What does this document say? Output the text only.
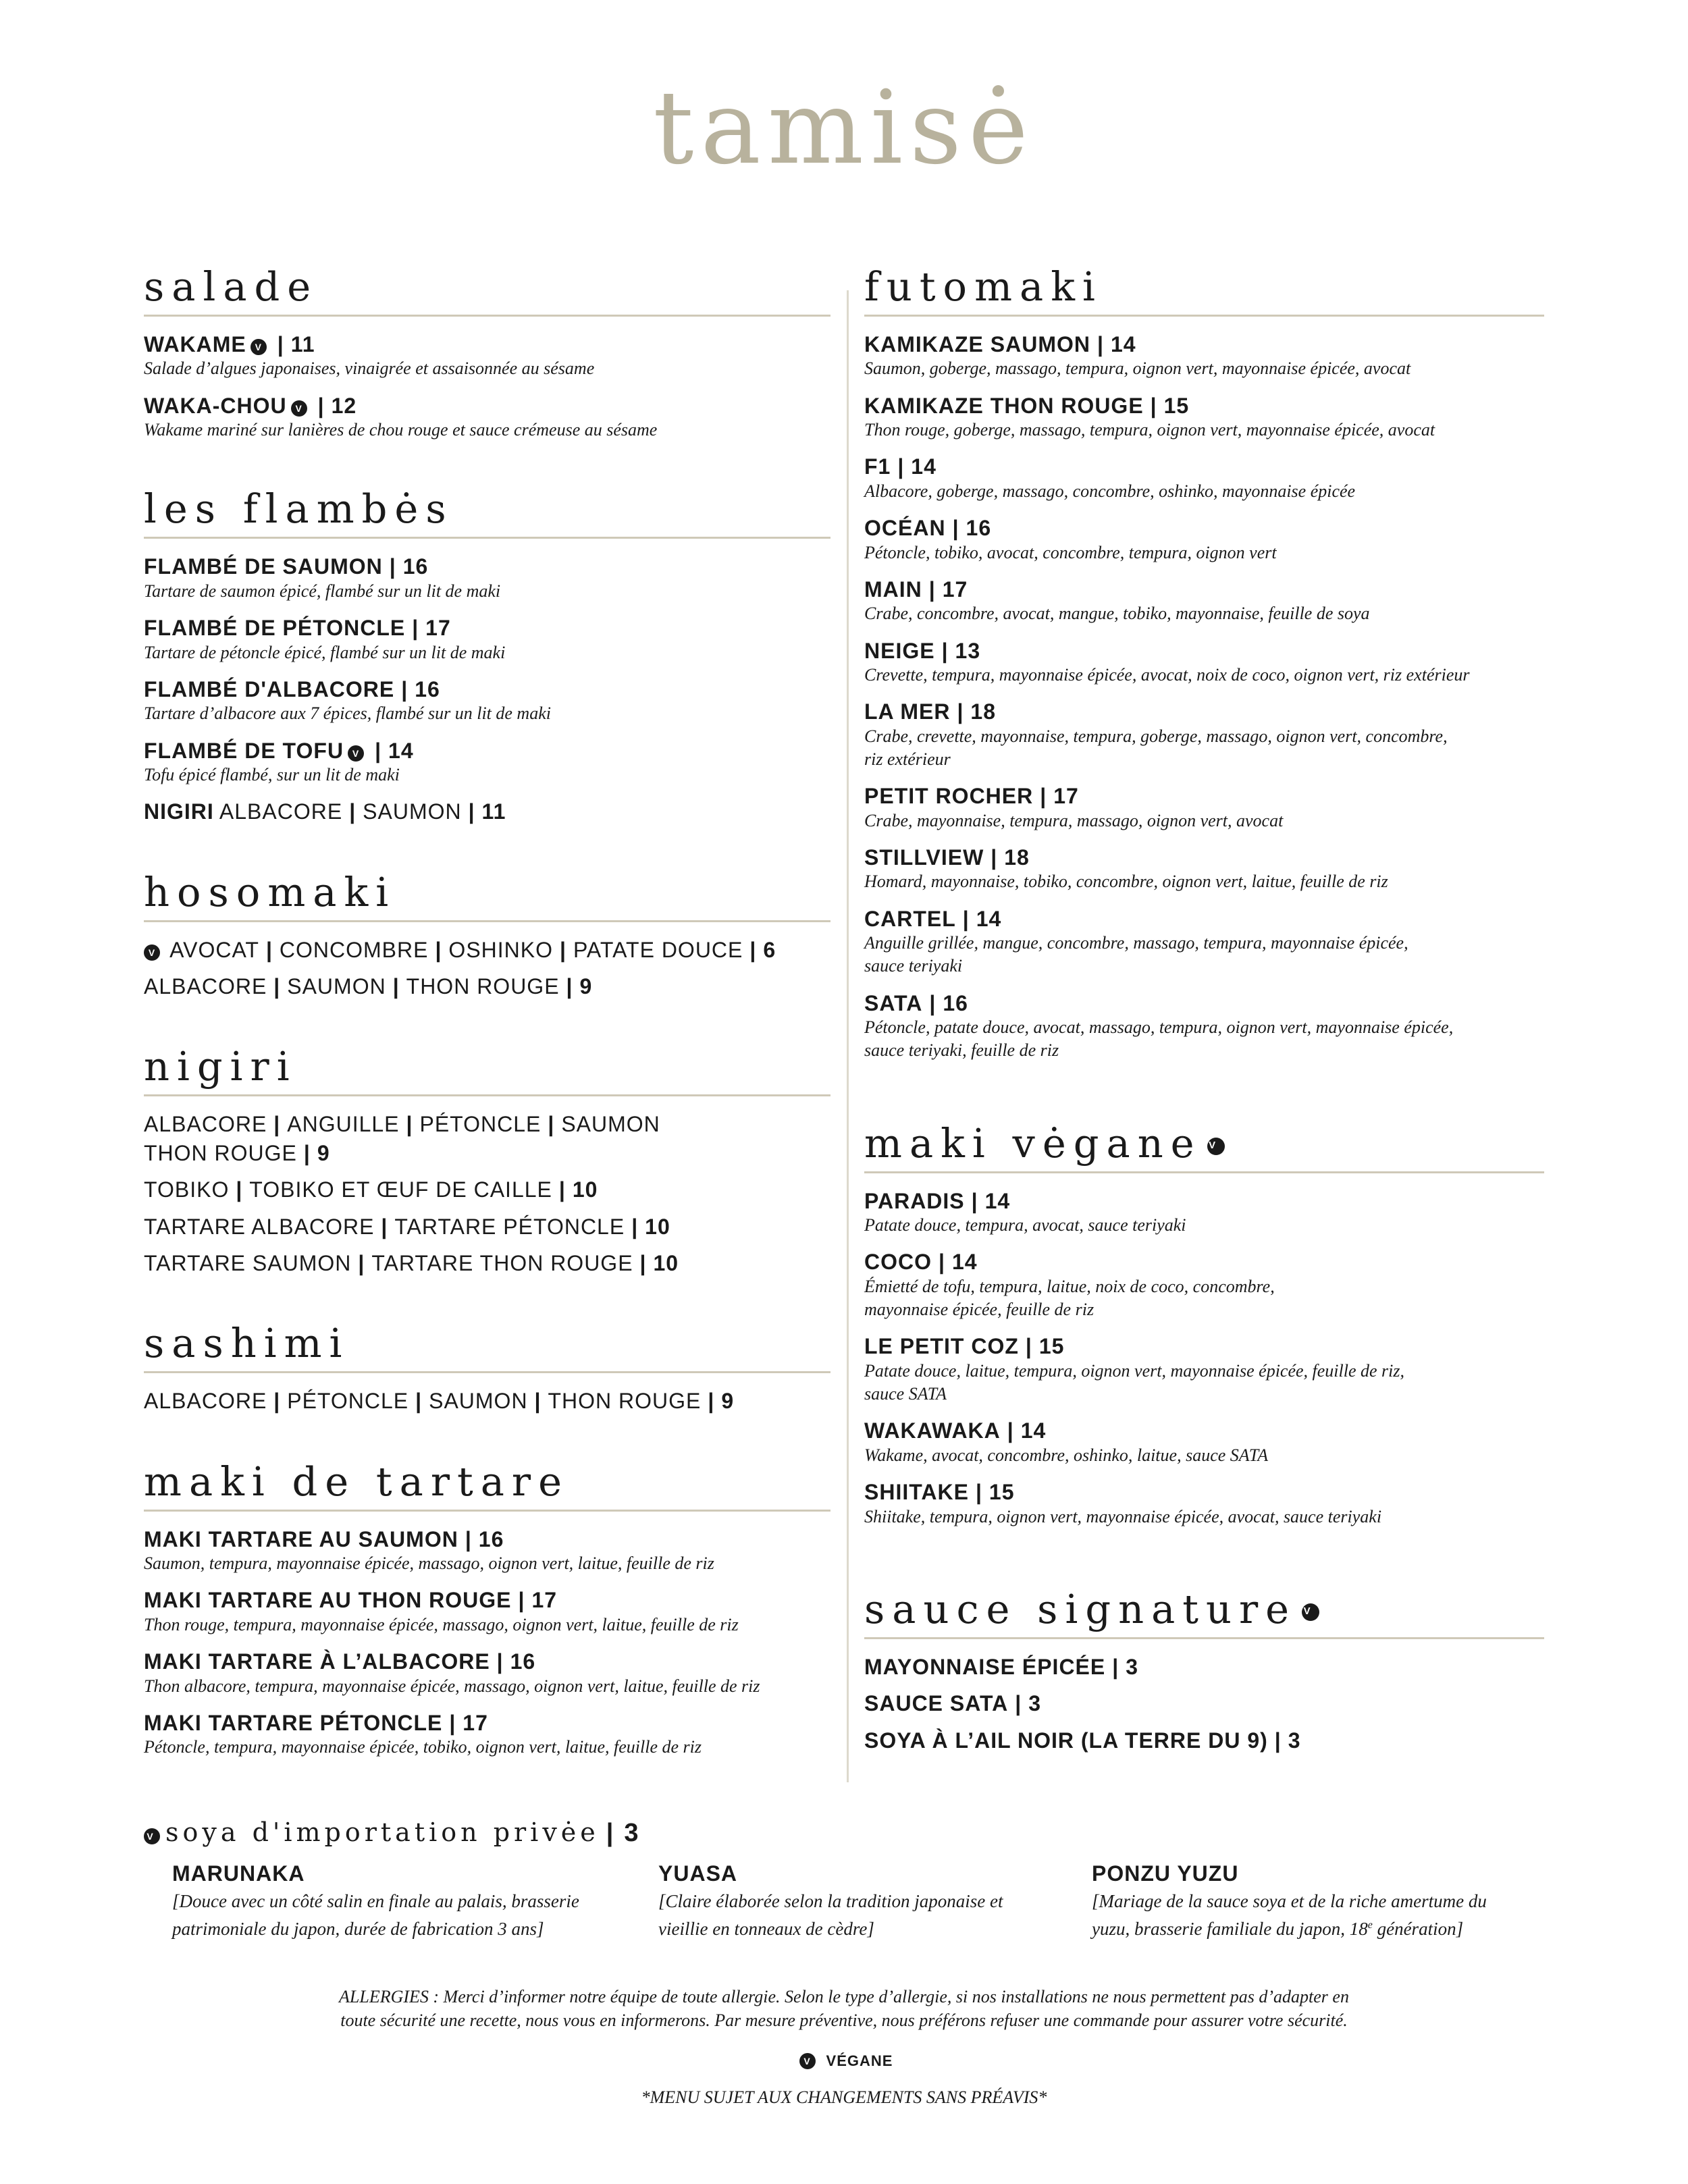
tamisė
salade
WAKAME V | 11
Salade d’algues japonaises, vinaigrée et assaisonnée au sésame
WAKA-CHOU V | 12
Wakame mariné sur lanières de chou rouge et sauce crémeuse au sésame
les flambės
FLAMBÉ DE SAUMON | 16
Tartare de saumon épicé, flambé sur un lit de maki
FLAMBÉ DE PÉTONCLE | 17
Tartare de pétoncle épicé, flambé sur un lit de maki
FLAMBÉ D'ALBACORE | 16
Tartare d’albacore aux 7 épices, flambé sur un lit de maki
FLAMBÉ DE TOFU V | 14
Tofu épicé flambé, sur un lit de maki
NIGIRI ALBACORE | SAUMON | 11
hosomaki
V AVOCAT | CONCOMBRE | OSHINKO | PATATE DOUCE | 6
ALBACORE | SAUMON | THON ROUGE | 9
nigiri
ALBACORE | ANGUILLE | PÉTONCLE | SAUMON
THON ROUGE | 9
TOBIKO | TOBIKO ET ŒUF DE CAILLE | 10
TARTARE ALBACORE | TARTARE PÉTONCLE | 10
TARTARE SAUMON | TARTARE THON ROUGE | 10
sashimi
ALBACORE | PÉTONCLE | SAUMON | THON ROUGE | 9
maki de tartare
MAKI TARTARE AU SAUMON | 16
Saumon, tempura, mayonnaise épicée, massago, oignon vert, laitue, feuille de riz
MAKI TARTARE AU THON ROUGE | 17
Thon rouge, tempura, mayonnaise épicée, massago, oignon vert, laitue, feuille de riz
MAKI TARTARE À L’ALBACORE | 16
Thon albacore, tempura, mayonnaise épicée, massago, oignon vert, laitue, feuille de riz
MAKI TARTARE PÉTONCLE | 17
Pétoncle, tempura, mayonnaise épicée, tobiko, oignon vert, laitue, feuille de riz
futomaki
KAMIKAZE SAUMON | 14
Saumon, goberge, massago, tempura, oignon vert, mayonnaise épicée, avocat
KAMIKAZE THON ROUGE | 15
Thon rouge, goberge, massago, tempura, oignon vert, mayonnaise épicée, avocat
F1 | 14
Albacore, goberge, massago, concombre, oshinko, mayonnaise épicée
OCÉAN | 16
Pétoncle, tobiko, avocat, concombre, tempura, oignon vert
MAIN | 17
Crabe, concombre, avocat, mangue, tobiko, mayonnaise, feuille de soya
NEIGE | 13
Crevette, tempura, mayonnaise épicée, avocat, noix de coco, oignon vert, riz extérieur
LA MER | 18
Crabe, crevette, mayonnaise, tempura, goberge, massago, oignon vert, concombre,
riz extérieur
PETIT ROCHER | 17
Crabe, mayonnaise, tempura, massago, oignon vert, avocat
STILLVIEW | 18
Homard, mayonnaise, tobiko, concombre, oignon vert, laitue, feuille de riz
CARTEL | 14
Anguille grillée, mangue, concombre, massago, tempura, mayonnaise épicée,
sauce teriyaki
SATA | 16
Pétoncle, patate douce, avocat, massago, tempura, oignon vert, mayonnaise épicée,
sauce teriyaki, feuille de riz
maki vėgane V
PARADIS | 14
Patate douce, tempura, avocat, sauce teriyaki
COCO | 14
Émietté de tofu, tempura, laitue, noix de coco, concombre,
mayonnaise épicée, feuille de riz
LE PETIT COZ | 15
Patate douce, laitue, tempura, oignon vert, mayonnaise épicée, feuille de riz,
sauce SATA
WAKAWAKA | 14
Wakame, avocat, concombre, oshinko, laitue, sauce SATA
SHIITAKE | 15
Shiitake, tempura, oignon vert, mayonnaise épicée, avocat, sauce teriyaki
sauce signature V
MAYONNAISE ÉPICÉE | 3
SAUCE SATA | 3
SOYA À L’AIL NOIR (LA TERRE DU 9) | 3
V soya d'importation privėe | 3
MARUNAKA
[Douce avec un côté salin en finale au palais, brasserie
patrimoniale du japon, durée de fabrication 3 ans]
YUASA
[Claire élaborée selon la tradition japonaise et
vieillie en tonneaux de cèdre]
PONZU YUZU
[Mariage de la sauce soya et de la riche amertume du
yuzu, brasserie familiale du japon, 18e génération]
ALLERGIES : Merci d’informer notre équipe de toute allergie. Selon le type d’allergie, si nos installations ne nous permettent pas d’adapter en
toute sécurité une recette, nous vous en informerons. Par mesure préventive, nous préférons refuser une commande pour assurer votre sécurité.
V VÉGANE
*MENU SUJET AUX CHANGEMENTS SANS PRÉAVIS*
